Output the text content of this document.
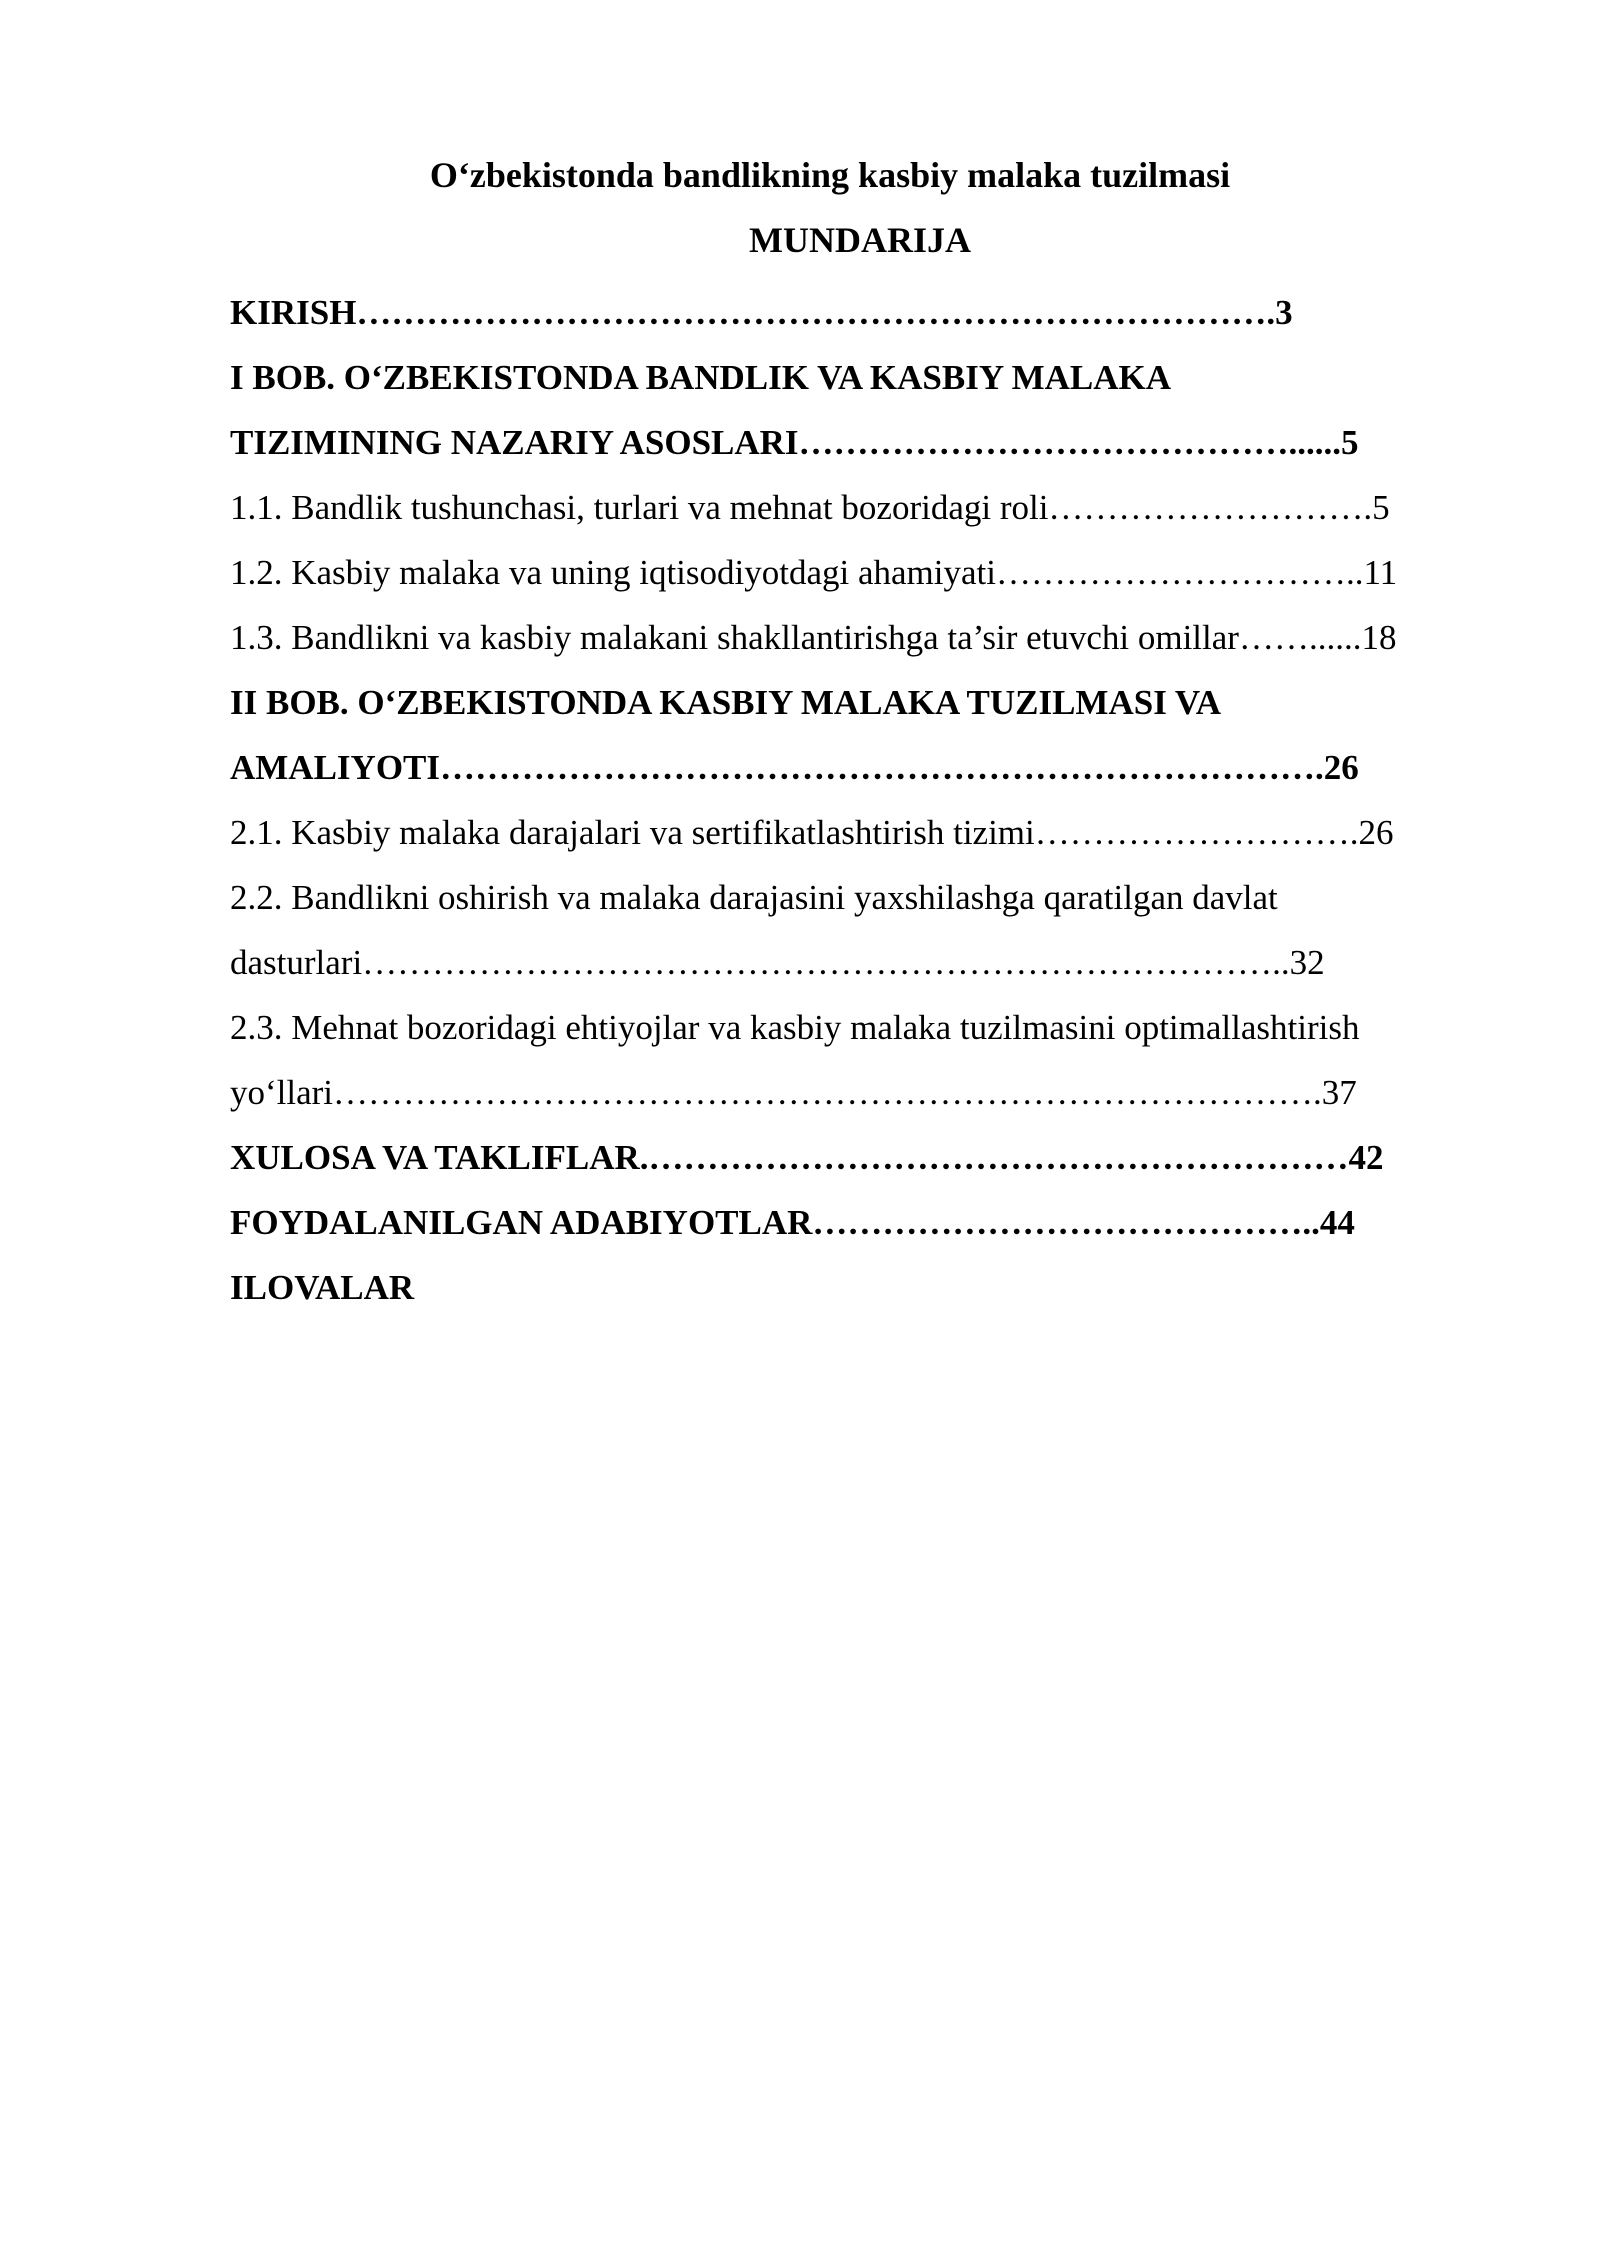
O‘zbekistonda bandlikning kasbiy malaka tuzilmasi
MUNDARIJA
KIRISH…………………………………………………………………….3
I BOB. O‘ZBEKISTONDA BANDLIK VA KASBIY MALAKA
TIZIMINING NAZARIY ASOSLARI……………………………………......5
1.1. Bandlik tushunchasi, turlari va mehnat bozoridagi roli……………………….5
1.2. Kasbiy malaka va uning iqtisodiyotdagi ahamiyati…………………………..11
1.3. Bandlikni va kasbiy malakani shakllantirishga ta’sir etuvchi omillar……......18
II BOB. O‘ZBEKISTONDA KASBIY MALAKA TUZILMASI VA
AMALIYOTI………………………………………………………………….26
2.1. Kasbiy malaka darajalari va sertifikatlashtirish tizimi……………………….26
2.2. Bandlikni oshirish va malaka darajasini yaxshilashga qaratilgan davlat
dasturlari……………………………………………………………………..32
2.3. Mehnat bozoridagi ehtiyojlar va kasbiy malaka tuzilmasini optimallashtirish
yo‘llari………………………………………………………………………….37
XULOSA VA TAKLIFLAR.……………………………………………………42
FOYDALANILGAN ADABIYOTLAR……………………………………..44
ILOVALAR
